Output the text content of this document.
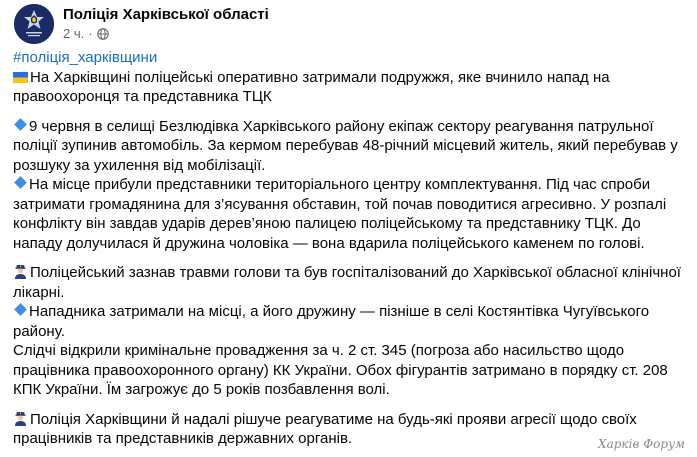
Поліція Харківської області
2 ч. ·

#поліція_харківщини

На Харківщині поліцейські оперативно затримали подружжя, яке вчинило напад на правоохоронця та представника ТЦК

9 червня в селищі Безлюдівка Харківського району екіпаж сектору реагування патрульної поліції зупинив автомобіль. За кермом перебував 48-річний місцевий житель, який перебував у розшуку за ухилення від мобілізації.

На місце прибули представники територіального центру комплектування. Під час спроби затримати громадянина для з’ясування обставин, той почав поводитися агресивно. У розпалі конфлікту він завдав ударів дерев’яною палицею поліцейському та представнику ТЦК. До нападу долучилася й дружина чоловіка — вона вдарила поліцейського каменем по голові.

Поліцейський зазнав травми голови та був госпіталізований до Харківської обласної клінічної лікарні.

Нападника затримали на місці, а його дружину — пізніше в селі Костянтівка Чугуївського району.

Слідчі відкрили кримінальне провадження за ч. 2 ст. 345 (погроза або насильство щодо працівника правоохоронного органу) КК України. Обох фігурантів затримано в порядку ст. 208 КПК України. Їм загрожує до 5 років позбавлення волі.

Поліція Харківщини й надалі рішуче реагуватиме на будь-які прояви агресії щодо своїх працівників та представників державних органів.	Харків Форум
